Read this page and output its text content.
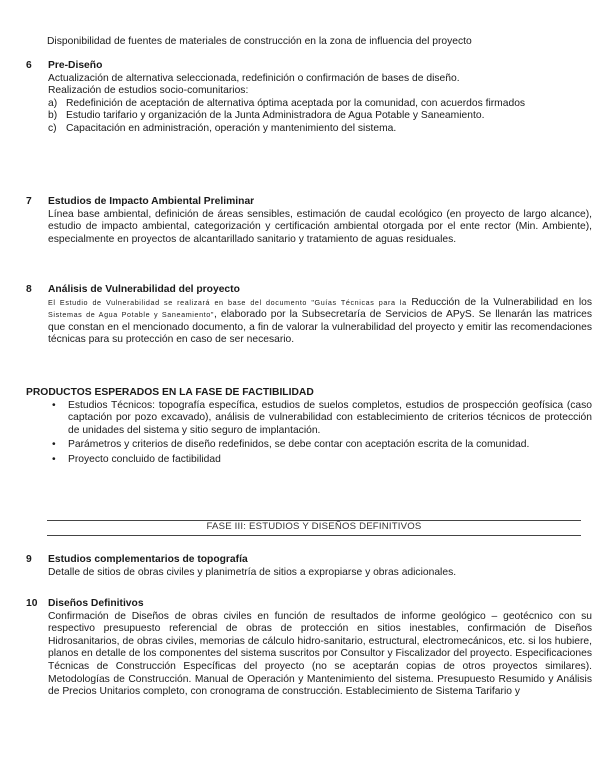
Disponibilidad de fuentes de materiales de construcción en la zona de influencia del proyecto
6 Pre-Diseño

Actualización de alternativa seleccionada, redefinición o confirmación de bases de diseño.

Realización de estudios socio-comunitarios:

a) Redefinición de aceptación de alternativa óptima aceptada por la comunidad, con acuerdos firmados
b) Estudio tarifario y organización de la Junta Administradora de Agua Potable y Saneamiento.
c) Capacitación en administración, operación y mantenimiento del sistema.
7 Estudios de Impacto Ambiental Preliminar

Línea base ambiental, definición de áreas sensibles, estimación de caudal ecológico (en proyecto de largo alcance), estudio de impacto ambiental, categorización y certificación ambiental otorgada por el ente rector (Min. Ambiente), especialmente en proyectos de alcantarillado sanitario y tratamiento de aguas residuales.

8 Análisis de Vulnerabilidad del proyecto

El Estudio de Vulnerabilidad se realizará en base del documento "Guías Técnicas para la Reducción de la Vulnerabilidad en los Sistemas de Agua Potable y Saneamiento", elaborado por la Subsecretaría de Servicios de APyS. Se llenarán las matrices que constan en el mencionado documento, a fin de valorar la vulnerabilidad del proyecto y emitir las recomendaciones técnicas para su protección en caso de ser necesario.

PRODUCTOS ESPERADOS EN LA FASE DE FACTIBILIDAD
• Estudios Técnicos: topografía específica, estudios de suelos completos, estudios de prospección geofísica (caso captación por pozo excavado), análisis de vulnerabilidad con establecimiento de criterios técnicos de protección de unidades del sistema y sitio seguro de implantación.
• Parámetros y criterios de diseño redefinidos, se debe contar con aceptación escrita de la comunidad.
• Proyecto concluido de factibilidad
FASE III: ESTUDIOS Y DISEÑOS DEFINITIVOS
9 Estudios complementarios de topografía

Detalle de sitios de obras civiles y planimetría de sitios a expropiarse y obras adicionales.

10 Diseños Definitivos

Confirmación de Diseños de obras civiles en función de resultados de informe geológico – geotécnico con su respectivo presupuesto referencial de obras de protección en sitios inestables, confirmación de Diseños Hidrosanitarios, de obras civiles, memorias de cálculo hidro-sanitario, estructural, electromecánicos, etc. si los hubiere, planos en detalle de los componentes del sistema suscritos por Consultor y Fiscalizador del proyecto. Especificaciones Técnicas de Construcción Específicas del proyecto (no se aceptarán copias de otros proyectos similares). Metodologías de Construcción. Manual de Operación y Mantenimiento del sistema. Presupuesto Resumido y Análisis de Precios Unitarios completo, con cronograma de construcción. Establecimiento de Sistema Tarifario y
